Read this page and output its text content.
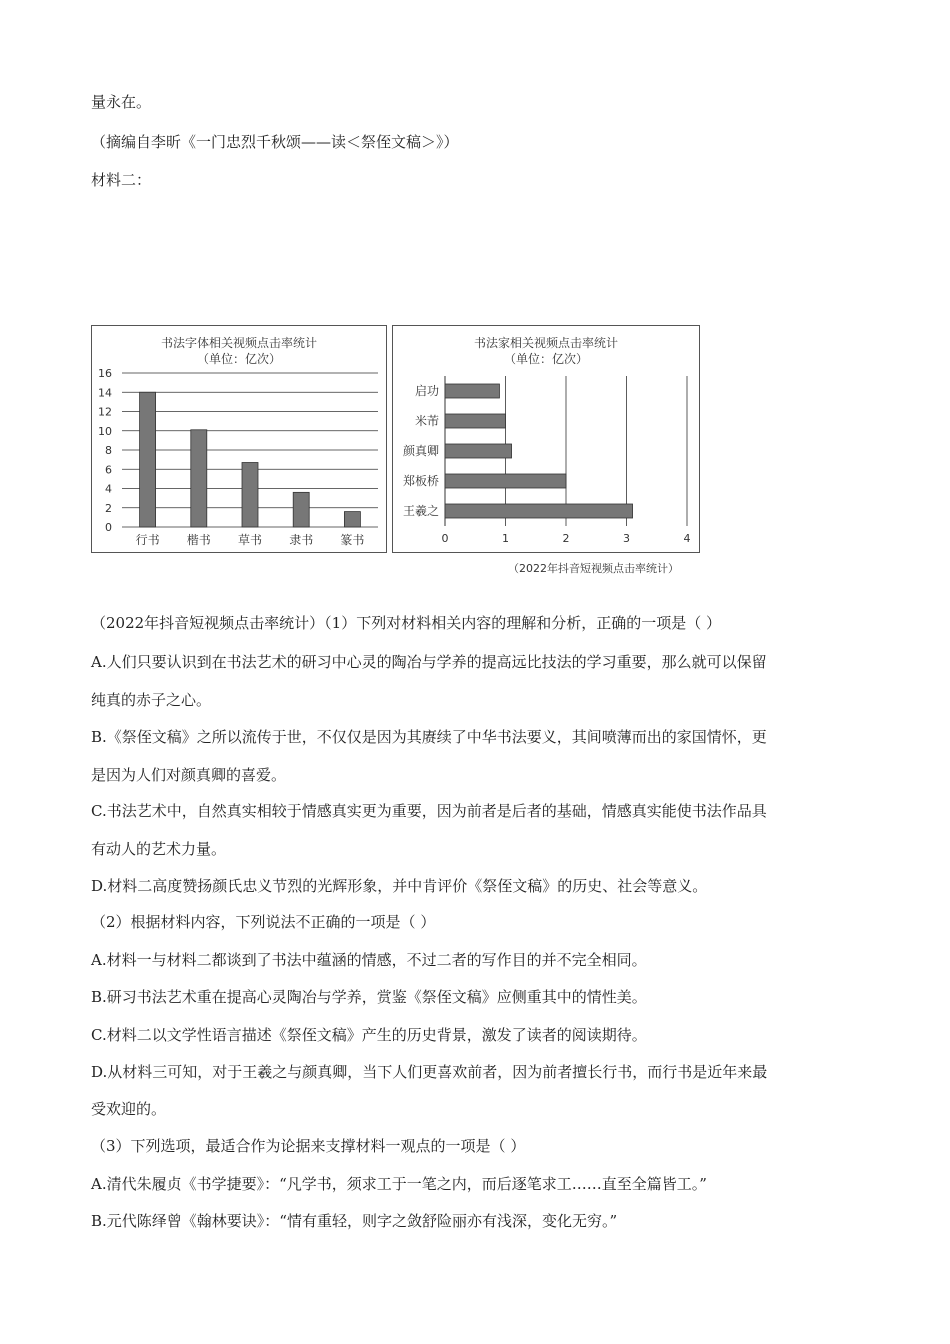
量永在。
（摘编自李昕《一门忠烈千秋颂——读＜祭侄文稿＞》）
材料二：
书法字体相关视频点击率统计
（单位：亿次）
0
2
4
6
8
10
12
14
16
行书 楷书 草书 隶书 篆书
书法家相关视频点击率统计
（单位：亿次）
0	1	2	3	4
启功
米芾
颜真卿
郑板桥
王羲之
（2022年抖音短视频点击率统计）
（2022年抖音短视频点击率统计）（1）下列对材料相关内容的理解和分析，正确的一项是（ ）
A.人们只要认识到在书法艺术的研习中心灵的陶冶与学养的提高远比技法的学习重要，那么就可以保留
纯真的赤子之心。
B.《祭侄文稿》之所以流传于世，不仅仅是因为其赓续了中华书法要义，其间喷薄而出的家国情怀，更
是因为人们对颜真卿的喜爱。
C.书法艺术中，自然真实相较于情感真实更为重要，因为前者是后者的基础，情感真实能使书法作品具
有动人的艺术力量。
D.材料二高度赞扬颜氏忠义节烈的光辉形象，并中肯评价《祭侄文稿》的历史、社会等意义。
（2）根据材料内容，下列说法不正确的一项是（ ）
A.材料一与材料二都谈到了书法中蕴涵的情感，不过二者的写作目的并不完全相同。
B.研习书法艺术重在提高心灵陶冶与学养，赏鉴《祭侄文稿》应侧重其中的情性美。
C.材料二以文学性语言描述《祭侄文稿》产生的历史背景，激发了读者的阅读期待。
D.从材料三可知，对于王羲之与颜真卿，当下人们更喜欢前者，因为前者擅长行书，而行书是近年来最
受欢迎的。
（3）下列选项，最适合作为论据来支撑材料一观点的一项是（ ）
A.清代朱履贞《书学捷要》：“凡学书，须求工于一笔之内，而后逐笔求工……直至全篇皆工。”
B.元代陈绎曾《翰林要诀》：“情有重轻，则字之敛舒险丽亦有浅深，变化无穷。”
